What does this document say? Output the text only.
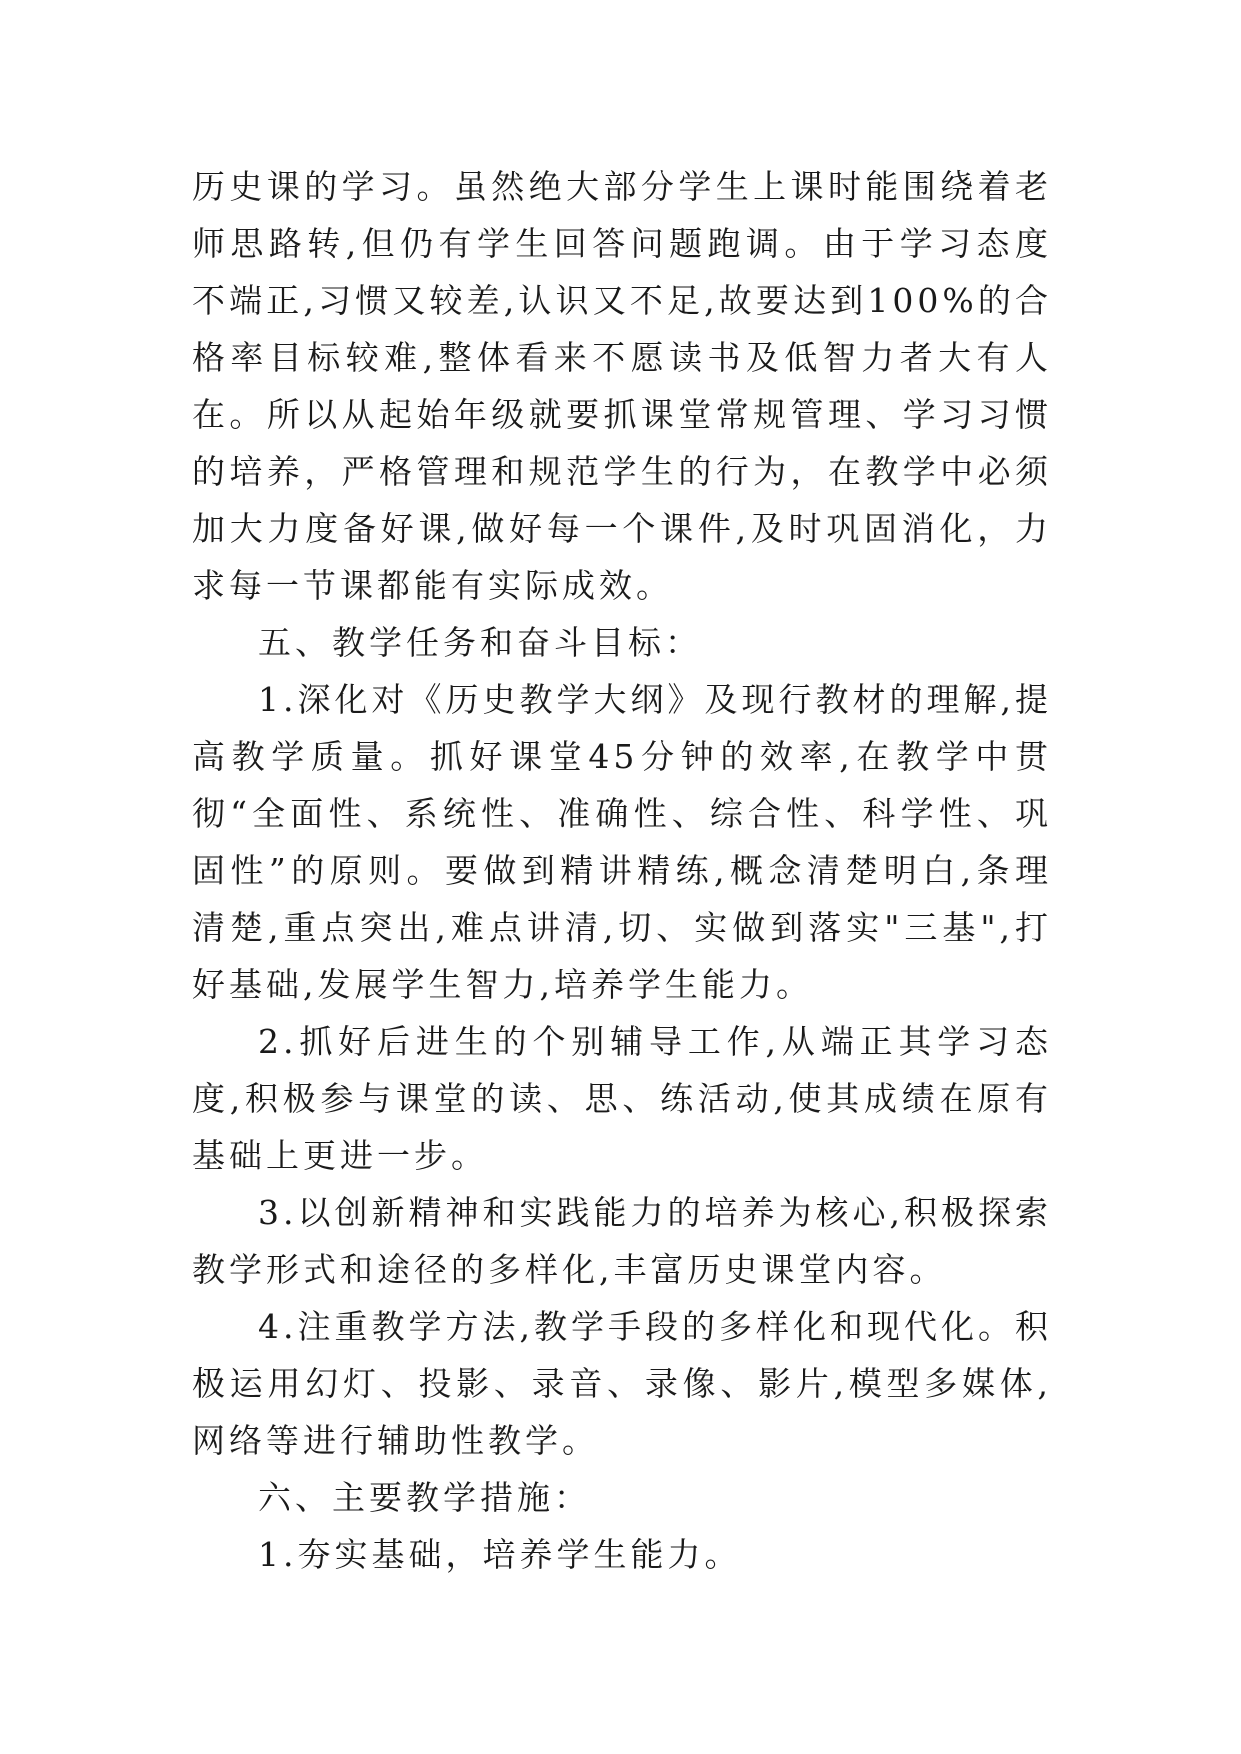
历史课的学习。虽然绝大部分学生上课时能围绕着老师思路转,但仍有学生回答问题跑调。由于学习态度不端正,习惯又较差,认识又不足,故要达到100%的合格率目标较难,整体看来不愿读书及低智力者大有人在。所以从起始年级就要抓课堂常规管理、学习习惯的培养，严格管理和规范学生的行为，在教学中必须加大力度备好课,做好每一个课件,及时巩固消化，力求每一节课都能有实际成效。

五、教学任务和奋斗目标：

1.深化对《历史教学大纲》及现行教材的理解,提高教学质量。抓好课堂45分钟的效率,在教学中贯彻“全面性、系统性、准确性、综合性、科学性、巩固性”的原则。要做到精讲精练,概念清楚明白,条理清楚,重点突出,难点讲清,切、实做到落实"三基",打好基础,发展学生智力,培养学生能力。

2.抓好后进生的个别辅导工作,从端正其学习态度,积极参与课堂的读、思、练活动,使其成绩在原有基础上更进一步。

3.以创新精神和实践能力的培养为核心,积极探索教学形式和途径的多样化,丰富历史课堂内容。

4.注重教学方法,教学手段的多样化和现代化。积极运用幻灯、投影、录音、录像、影片,模型多媒体,网络等进行辅助性教学。

六、主要教学措施：

1.夯实基础，培养学生能力。
